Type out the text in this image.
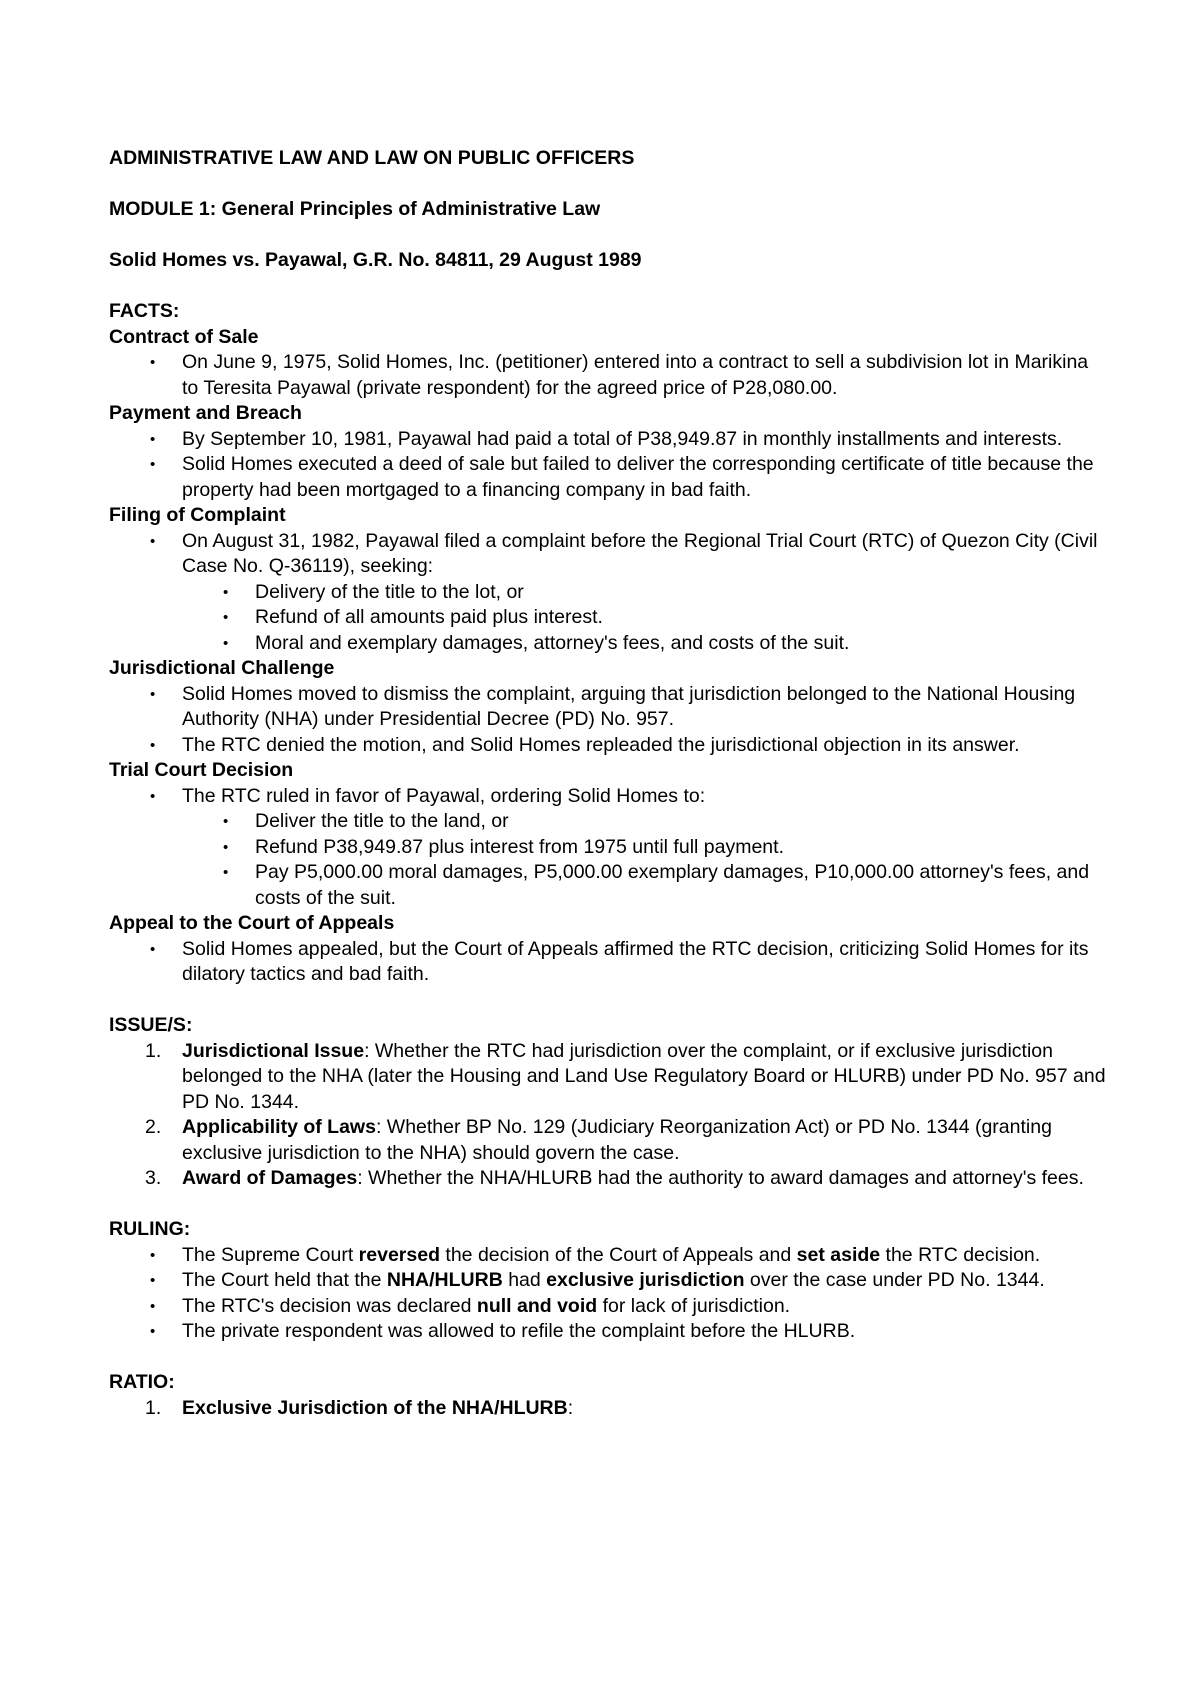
ADMINISTRATIVE LAW AND LAW ON PUBLIC OFFICERS

MODULE 1: General Principles of Administrative Law

Solid Homes vs. Payawal, G.R. No. 84811, 29 August 1989

FACTS:

Contract of Sale

• On June 9, 1975, Solid Homes, Inc. (petitioner) entered into a contract to sell a subdivision lot in Marikina to Teresita Payawal (private respondent) for the agreed price of P28,080.00.

Payment and Breach

• By September 10, 1981, Payawal had paid a total of P38,949.87 in monthly installments and interests.
• Solid Homes executed a deed of sale but failed to deliver the corresponding certificate of title because the property had been mortgaged to a financing company in bad faith.

Filing of Complaint

• On August 31, 1982, Payawal filed a complaint before the Regional Trial Court (RTC) of Quezon City (Civil Case No. Q-36119), seeking:
• Delivery of the title to the lot, or
• Refund of all amounts paid plus interest.
• Moral and exemplary damages, attorney's fees, and costs of the suit.

Jurisdictional Challenge

• Solid Homes moved to dismiss the complaint, arguing that jurisdiction belonged to the National Housing Authority (NHA) under Presidential Decree (PD) No. 957.
• The RTC denied the motion, and Solid Homes repleaded the jurisdictional objection in its answer.

Trial Court Decision

• The RTC ruled in favor of Payawal, ordering Solid Homes to:
• Deliver the title to the land, or
• Refund P38,949.87 plus interest from 1975 until full payment.
• Pay P5,000.00 moral damages, P5,000.00 exemplary damages, P10,000.00 attorney's fees, and costs of the suit.

Appeal to the Court of Appeals

• Solid Homes appealed, but the Court of Appeals affirmed the RTC decision, criticizing Solid Homes for its dilatory tactics and bad faith.

ISSUE/S:

1. Jurisdictional Issue: Whether the RTC had jurisdiction over the complaint, or if exclusive jurisdiction belonged to the NHA (later the Housing and Land Use Regulatory Board or HLURB) under PD No. 957 and PD No. 1344.
2. Applicability of Laws: Whether BP No. 129 (Judiciary Reorganization Act) or PD No. 1344 (granting exclusive jurisdiction to the NHA) should govern the case.
3. Award of Damages: Whether the NHA/HLURB had the authority to award damages and attorney's fees.

RULING:

• The Supreme Court reversed the decision of the Court of Appeals and set aside the RTC decision.
• The Court held that the NHA/HLURB had exclusive jurisdiction over the case under PD No. 1344.
• The RTC's decision was declared null and void for lack of jurisdiction.
• The private respondent was allowed to refile the complaint before the HLURB.

RATIO:

1. Exclusive Jurisdiction of the NHA/HLURB:
